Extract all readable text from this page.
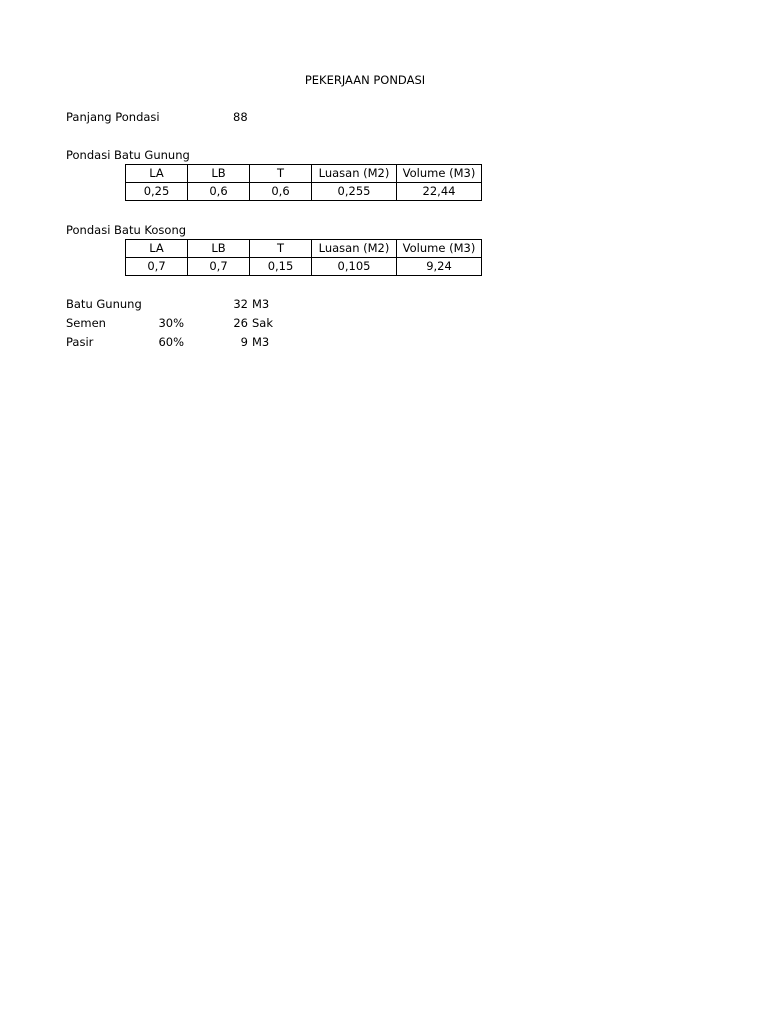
PEKERJAAN PONDASI
Panjang Pondasi	88
Pondasi Batu Gunung
LA	LB	T	Luasan (M2)	Volume (M3)
0,25	0,6	0,6	0,255	22,44
Pondasi Batu Kosong
LA	LB	T	Luasan (M2)	Volume (M3)
0,7	0,7	0,15	0,105	9,24
Batu Gunung	32 M3
Semen	30%	26 Sak
Pasir	60%	9 M3
